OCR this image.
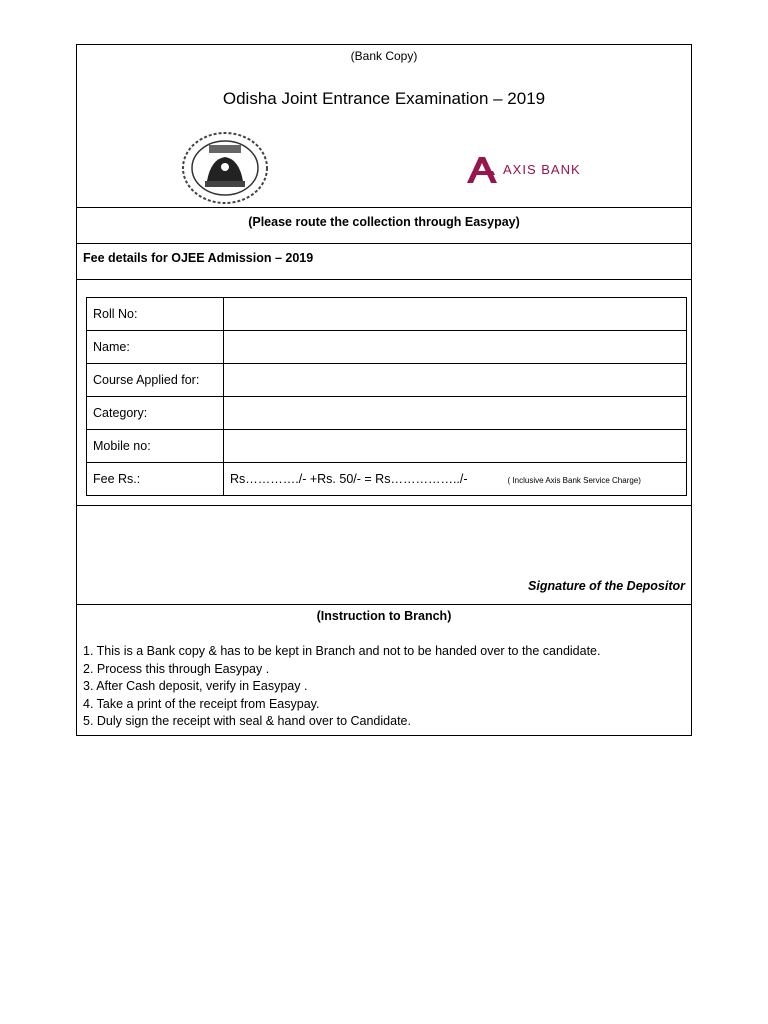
(Bank Copy)
Odisha Joint Entrance Examination – 2019
AXIS BANK
(Please route the collection through Easypay)
Fee details for OJEE Admission – 2019
Roll No:	
Name:	
Course Applied for:	
Category:	
Mobile no:	
Fee Rs.:	Rs…………./- +Rs. 50/- = Rs……………../- ( Inclusive Axis Bank Service Charge)
Signature of the Depositor
(Instruction to Branch)
1. This is a Bank copy & has to be kept in Branch and not to be handed over to the candidate.
2. Process this through Easypay .
3. After Cash deposit, verify in Easypay .
4. Take a print of the receipt from Easypay.
5. Duly sign the receipt with seal & hand over to Candidate.
